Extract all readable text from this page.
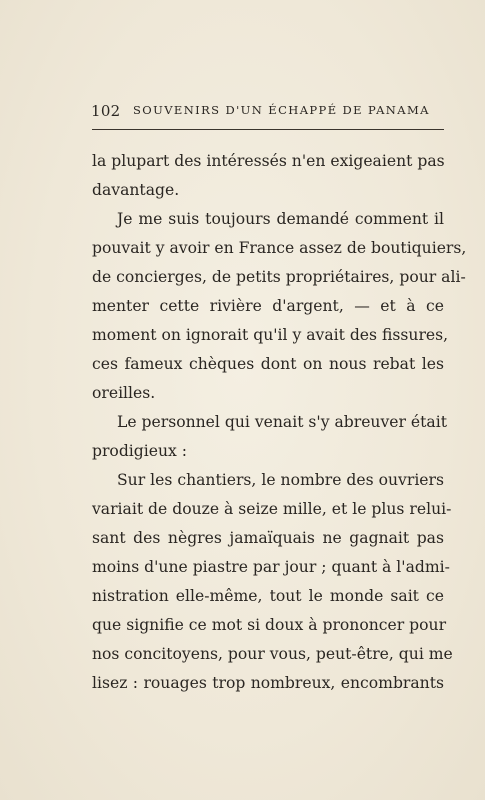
102 SOUVENIRS D'UN ÉCHAPPÉ DE PANAMA
la plupart des intéressés n'en exigeaient pas
davantage.
Je me suis toujours demandé comment il
pouvait y avoir en France assez de boutiquiers,
de concierges, de petits propriétaires, pour ali-
menter cette rivière d'argent, — et à ce
moment on ignorait qu'il y avait des fissures,
ces fameux chèques dont on nous rebat les
oreilles.
Le personnel qui venait s'y abreuver était
prodigieux :
Sur les chantiers, le nombre des ouvriers
variait de douze à seize mille, et le plus relui-
sant des nègres jamaïquais ne gagnait pas
moins d'une piastre par jour ; quant à l'admi-
nistration elle-même, tout le monde sait ce
que signifie ce mot si doux à prononcer pour
nos concitoyens, pour vous, peut-être, qui me
lisez : rouages trop nombreux, encombrants
